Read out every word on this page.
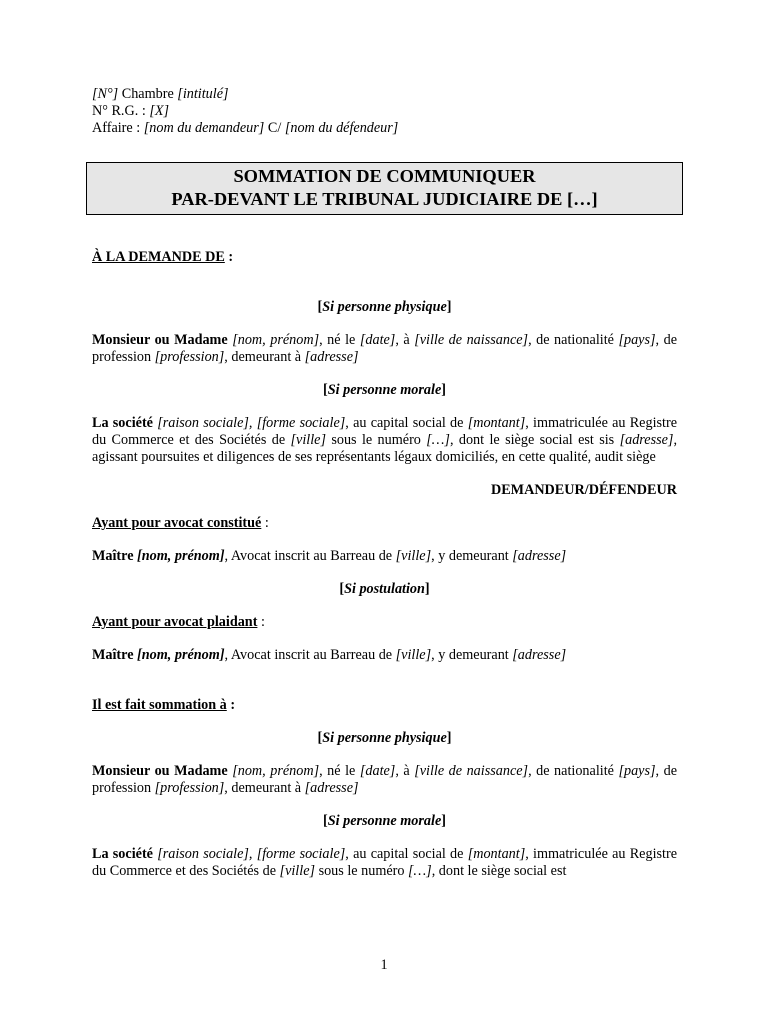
[N°] Chambre [intitulé]
N° R.G. : [X]
Affaire : [nom du demandeur] C/ [nom du défendeur]
SOMMATION DE COMMUNIQUER
PAR-DEVANT LE TRIBUNAL JUDICIAIRE DE […]

À LA DEMANDE DE :

[Si personne physique]

Monsieur ou Madame [nom, prénom], né le [date], à [ville de naissance], de nationalité [pays], de profession [profession], demeurant à [adresse]

[Si personne morale]

La société [raison sociale], [forme sociale], au capital social de [montant], immatriculée au Registre du Commerce et des Sociétés de [ville] sous le numéro […], dont le siège social est sis [adresse], agissant poursuites et diligences de ses représentants légaux domiciliés, en cette qualité, audit siège

DEMANDEUR/DÉFENDEUR

Ayant pour avocat constitué :

Maître [nom, prénom], Avocat inscrit au Barreau de [ville], y demeurant [adresse]

[Si postulation]

Ayant pour avocat plaidant :

Maître [nom, prénom], Avocat inscrit au Barreau de [ville], y demeurant [adresse]

Il est fait sommation à :

[Si personne physique]

Monsieur ou Madame [nom, prénom], né le [date], à [ville de naissance], de nationalité [pays], de profession [profession], demeurant à [adresse]

[Si personne morale]

La société [raison sociale], [forme sociale], au capital social de [montant], immatriculée au Registre du Commerce et des Sociétés de [ville] sous le numéro […], dont le siège social est

1
